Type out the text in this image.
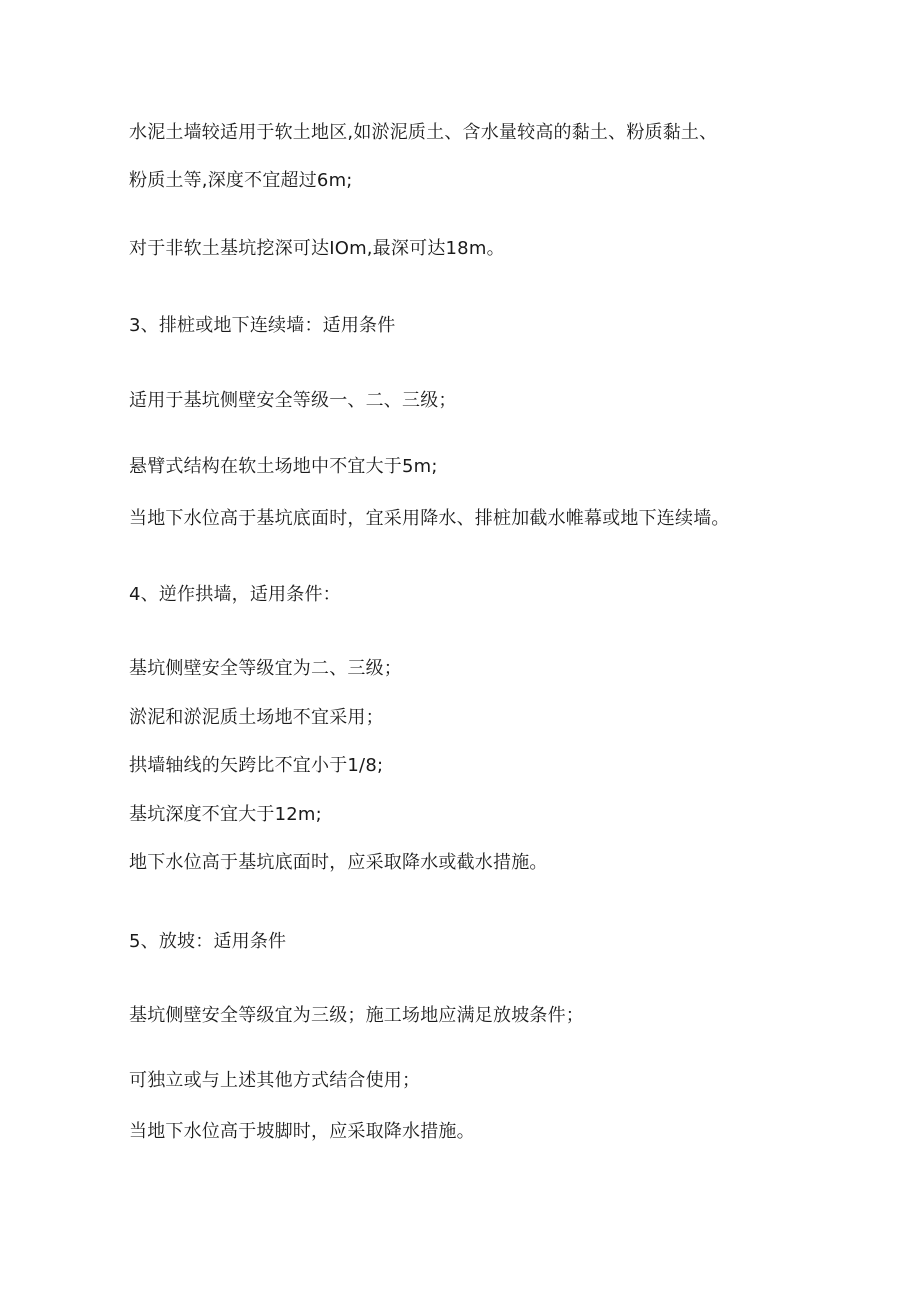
水泥土墙较适用于软土地区,如淤泥质土、含水量较高的黏土、粉质黏土、
粉质土等,深度不宜超过6m;
对于非软土基坑挖深可达IOm,最深可达18m。
3、排桩或地下连续墙：适用条件
适用于基坑侧壁安全等级一、二、三级；
悬臂式结构在软土场地中不宜大于5m;
当地下水位高于基坑底面时，宜采用降水、排桩加截水帷幕或地下连续墙。
4、逆作拱墙，适用条件：
基坑侧壁安全等级宜为二、三级；
淤泥和淤泥质土场地不宜采用；
拱墙轴线的矢跨比不宜小于1/8;
基坑深度不宜大于12m;
地下水位高于基坑底面时，应采取降水或截水措施。
5、放坡：适用条件
基坑侧壁安全等级宜为三级；施工场地应满足放坡条件；
可独立或与上述其他方式结合使用；
当地下水位高于坡脚时，应采取降水措施。
